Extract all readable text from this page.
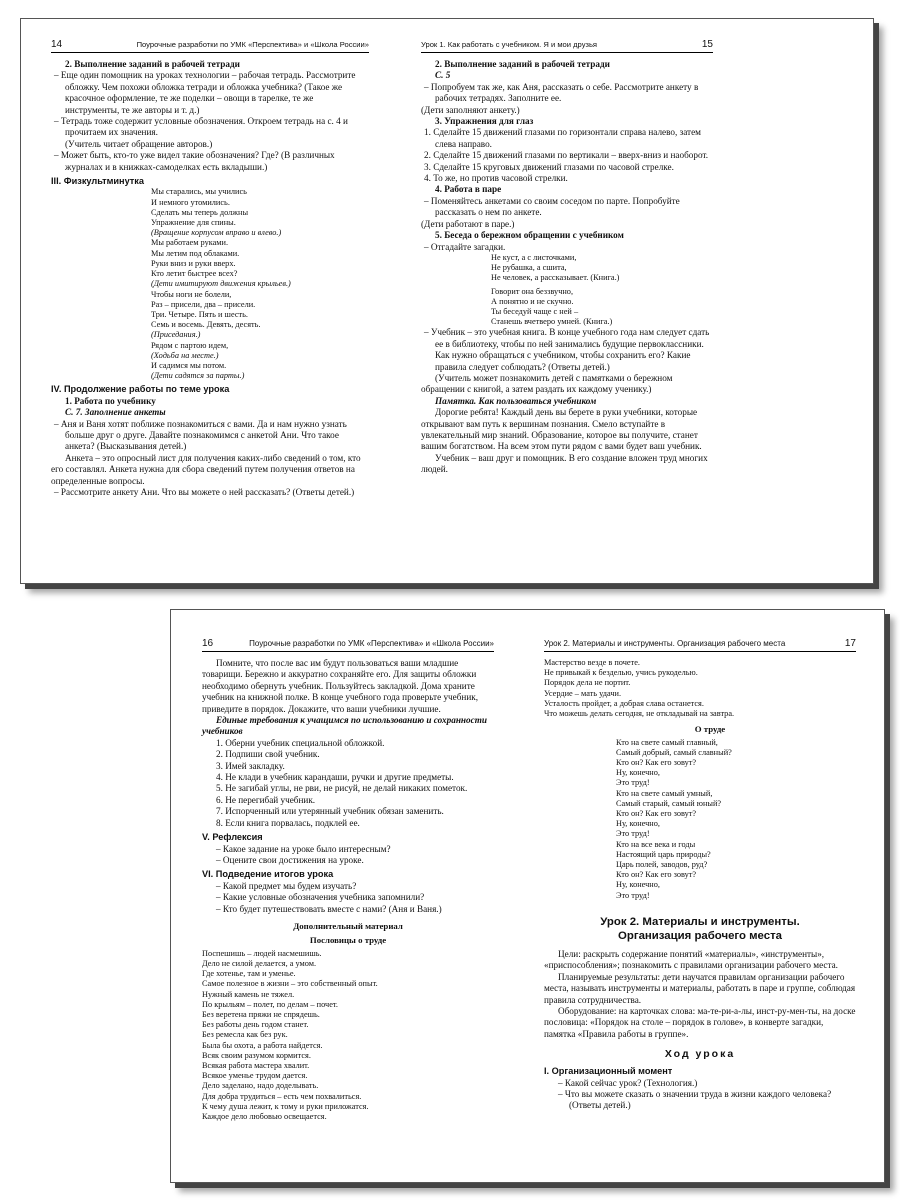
14	Поурочные разработки по УМК «Перспектива» и «Школа России»

2. Выполнение заданий в рабочей тетради

– Еще один помощник на уроках технологии – рабочая тетрадь. Рассмотрите обложку. Чем похожи обложка тетради и обложка учебника? (Такое же красочное оформление, те же поделки – овощи в тарелке, те же инструменты, те же авторы и т. д.)

– Тетрадь тоже содержит условные обозначения. Откроем тетрадь на с. 4 и прочитаем их значения.

(Учитель читает обращение авторов.)

– Может быть, кто-то уже видел такие обозначения? Где? (В различных журналах и в книжках-самоделках есть вкладыши.)

III. Физкультминутка

Мы старались, мы учились

И немного утомились.

Сделать мы теперь должны

Упражнение для спины.

(Вращение корпусом вправо и влево.)

Мы работаем руками.

Мы летим под облаками.

Руки вниз и руки вверх.

Кто летит быстрее всех?

(Дети имитируют движения крыльев.)

Чтобы ноги не болели,

Раз – присели, два – присели.

Три. Четыре. Пять и шесть.

Семь и восемь. Девять, десять.

(Приседания.)

Рядом с партою идем,

(Ходьба на месте.)

И садимся мы потом.

(Дети садятся за парты.)

IV. Продолжение работы по теме урока

1. Работа по учебнику

С. 7. Заполнение анкеты

– Аня и Ваня хотят поближе познакомиться с вами. Да и нам нужно узнать больше друг о друге. Давайте познакомимся с анкетой Ани. Что такое анкета? (Высказывания детей.)

Анкета – это опросный лист для получения каких-либо сведений о том, кто его составлял. Анкета нужна для сбора сведений путем получения ответов на определенные вопросы.

– Рассмотрите анкету Ани. Что вы можете о ней рассказать? (Ответы детей.)

Урок 1. Как работать с учебником. Я и мои друзья	15

2. Выполнение заданий в рабочей тетради

С. 5

– Попробуем так же, как Аня, рассказать о себе. Рассмотрите анкету в рабочих тетрадях. Заполните ее.

(Дети заполняют анкету.)

3. Упражнения для глаз

1. Сделайте 15 движений глазами по горизонтали справа налево, затем слева направо.

2. Сделайте 15 движений глазами по вертикали – вверх-вниз и наоборот.

3. Сделайте 15 круговых движений глазами по часовой стрелке.

4. То же, но против часовой стрелки.

4. Работа в паре

– Поменяйтесь анкетами со своим соседом по парте. Попробуйте рассказать о нем по анкете.

(Дети работают в паре.)

5. Беседа о бережном обращении с учебником

– Отгадайте загадки.

Не куст, а с листочками,

Не рубашка, а сшита,

Не человек, а рассказывает. (Книга.)

Говорит она беззвучно,

А понятно и не скучно.

Ты беседуй чаще с ней –

Станешь вчетверо умней. (Книга.)

– Учебник – это учебная книга. В конце учебного года нам следует сдать ее в библиотеку, чтобы по ней занимались будущие первоклассники. Как нужно обращаться с учебником, чтобы сохранить его? Какие правила следует соблюдать? (Ответы детей.)

(Учитель может познакомить детей с памятками о бережном обращении с книгой, а затем раздать их каждому ученику.)

Памятка. Как пользоваться учебником

Дорогие ребята! Каждый день вы берете в руки учебники, которые открывают вам путь к вершинам познания. Смело вступайте в увлекательный мир знаний. Образование, которое вы получите, станет вашим богатством. На всем этом пути рядом с вами будет ваш учебник.

Учебник – ваш друг и помощник. В его создание вложен труд многих людей.

16	Поурочные разработки по УМК «Перспектива» и «Школа России»

Помните, что после вас им будут пользоваться ваши младшие товарищи. Бережно и аккуратно сохраняйте его. Для защиты обложки необходимо обернуть учебник. Пользуйтесь закладкой. Дома храните учебник на книжной полке. В конце учебного года проверьте учебник, приведите в порядок. Докажите, что ваши учебники лучшие.

Единые требования к учащимся по использованию и сохранности учебников

1. Оберни учебник специальной обложкой.

2. Подпиши свой учебник.

3. Имей закладку.

4. Не клади в учебник карандаши, ручки и другие предметы.

5. Не загибай углы, не рви, не рисуй, не делай никаких пометок.

6. Не перегибай учебник.

7. Испорченный или утерянный учебник обязан заменить.

8. Если книга порвалась, подклей ее.

V. Рефлексия

– Какое задание на уроке было интересным?

– Оцените свои достижения на уроке.

VI. Подведение итогов урока

– Какой предмет мы будем изучать?

– Какие условные обозначения учебника запомнили?

– Кто будет путешествовать вместе с нами? (Аня и Ваня.)

Дополнительный материал

Пословицы о труде

Поспешишь – людей насмешишь.

Дело не силой делается, а умом.

Где хотенье, там и уменье.

Самое полезное в жизни – это собственный опыт.

Нужный камень не тяжел.

По крыльям – полет, по делам – почет.

Без веретена пряжи не спрядешь.

Без работы день годом станет.

Без ремесла как без рук.

Была бы охота, а работа найдется.

Всяк своим разумом кормится.

Всякая работа мастера хвалит.

Всякое уменье трудом дается.

Дело заделано, надо доделывать.

Для добра трудиться – есть чем похвалиться.

К чему душа лежит, к тому и руки приложатся.

Каждое дело любовью освещается.

Урок 2. Материалы и инструменты. Организация рабочего места	17

Мастерство везде в почете.

Не привыкай к безделью, учись рукоделью.

Порядок дела не портит.

Усердие – мать удачи.

Усталость пройдет, а добрая слава останется.

Что можешь делать сегодня, не откладывай на завтра.

О труде

Кто на свете самый главный,

Самый добрый, самый славный?

Кто он? Как его зовут?

Ну, конечно,

Это труд!

Кто на свете самый умный,

Самый старый, самый юный?

Кто он? Как его зовут?

Ну, конечно,

Это труд!

Кто на все века и годы

Настоящий царь природы?

Царь полей, заводов, руд?

Кто он? Как его зовут?

Ну, конечно,

Это труд!

Урок 2. Материалы и инструменты.
Организация рабочего места

Цели: раскрыть содержание понятий «материалы», «инструменты», «приспособления»; познакомить с правилами организации рабочего места.

Планируемые результаты: дети научатся правилам организации рабочего места, называть инструменты и материалы, работать в паре и группе, соблюдая правила сотрудничества.

Оборудование: на карточках слова: ма-те-ри-а-лы, инст-ру-мен-ты, на доске пословица: «Порядок на столе – порядок в голове», в конверте загадки, памятка «Правила работы в группе».

Ход урока

I. Организационный момент

– Какой сейчас урок? (Технология.)

– Что вы можете сказать о значении труда в жизни каждого человека? (Ответы детей.)
